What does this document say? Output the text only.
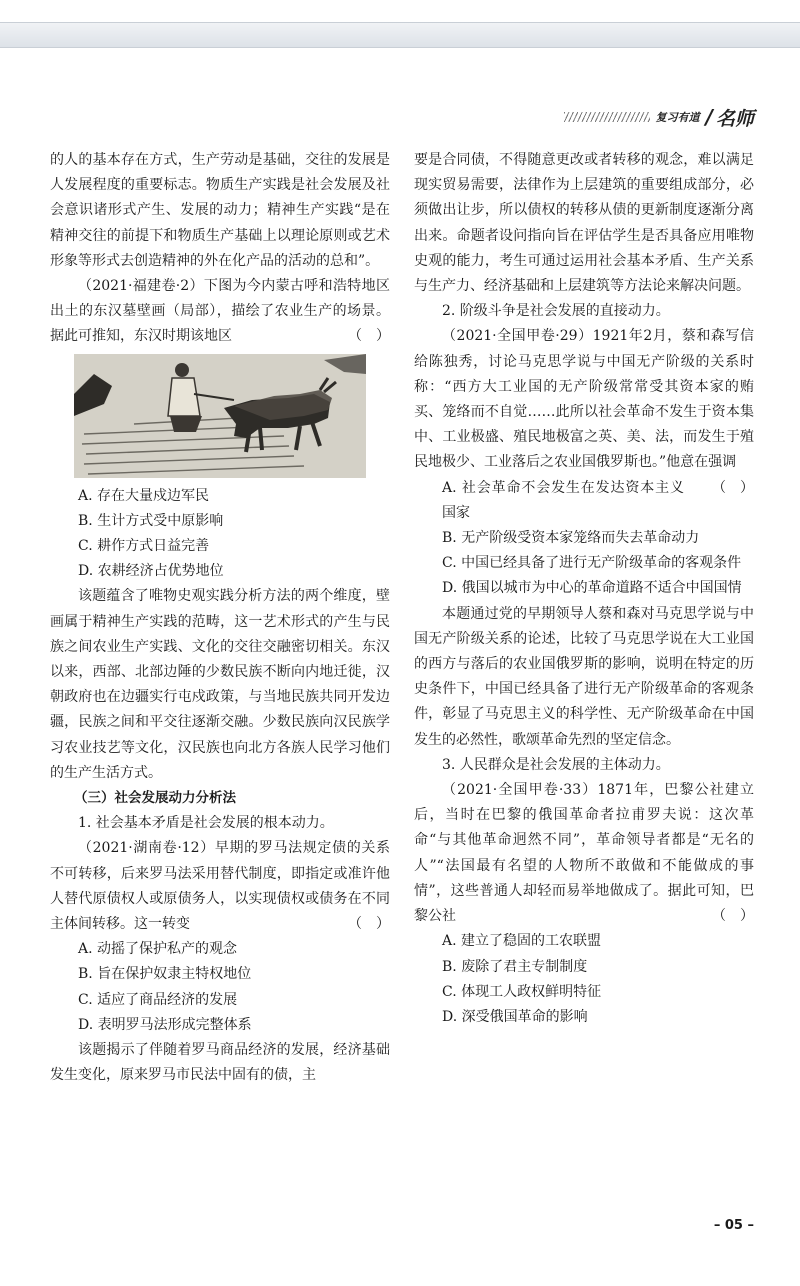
复习有道 / 名师

的人的基本存在方式，生产劳动是基础，交往的发展是人发展程度的重要标志。物质生产实践是社会发展及社会意识诸形式产生、发展的动力；精神生产实践“是在精神交往的前提下和物质生产基础上以理论原则或艺术形象等形式去创造精神的外在化产品的活动的总和”。

（2021·福建卷·2）下图为今内蒙古呼和浩特地区出土的东汉墓壁画（局部），描绘了农业生产的场景。据此可推知，东汉时期该地区	（　）

A. 存在大量戍边军民

B. 生计方式受中原影响

C. 耕作方式日益完善

D. 农耕经济占优势地位

该题蕴含了唯物史观实践分析方法的两个维度，壁画属于精神生产实践的范畴，这一艺术形式的产生与民族之间农业生产实践、文化的交往交融密切相关。东汉以来，西部、北部边陲的少数民族不断向内地迁徙，汉朝政府也在边疆实行屯戍政策，与当地民族共同开发边疆，民族之间和平交往逐渐交融。少数民族向汉民族学习农业技艺等文化，汉民族也向北方各族人民学习他们的生产生活方式。

（三）社会发展动力分析法

1. 社会基本矛盾是社会发展的根本动力。

（2021·湖南卷·12）早期的罗马法规定债的关系不可转移，后来罗马法采用替代制度，即指定或准许他人替代原债权人或原债务人，以实现债权或债务在不同主体间转移。这一转变	（　）

A. 动摇了保护私产的观念

B. 旨在保护奴隶主特权地位

C. 适应了商品经济的发展

D. 表明罗马法形成完整体系

该题揭示了伴随着罗马商品经济的发展，经济基础发生变化，原来罗马市民法中固有的债，主

要是合同债，不得随意更改或者转移的观念，难以满足现实贸易需要，法律作为上层建筑的重要组成部分，必须做出让步，所以债权的转移从债的更新制度逐渐分离出来。命题者设问指向旨在评估学生是否具备应用唯物史观的能力，考生可通过运用社会基本矛盾、生产关系与生产力、经济基础和上层建筑等方法论来解决问题。

2. 阶级斗争是社会发展的直接动力。

（2021·全国甲卷·29）1921年2月，蔡和森写信给陈独秀，讨论马克思学说与中国无产阶级的关系时称：“西方大工业国的无产阶级常常受其资本家的贿买、笼络而不自觉……此所以社会革命不发生于资本集中、工业极盛、殖民地极富之英、美、法，而发生于殖民地极少、工业落后之农业国俄罗斯也。”他意在强调
（　）

A. 社会革命不会发生在发达资本主义国家

B. 无产阶级受资本家笼络而失去革命动力

C. 中国已经具备了进行无产阶级革命的客观条件

D. 俄国以城市为中心的革命道路不适合中国国情

本题通过党的早期领导人蔡和森对马克思学说与中国无产阶级关系的论述，比较了马克思学说在大工业国的西方与落后的农业国俄罗斯的影响，说明在特定的历史条件下，中国已经具备了进行无产阶级革命的客观条件，彰显了马克思主义的科学性、无产阶级革命在中国发生的必然性，歌颂革命先烈的坚定信念。

3. 人民群众是社会发展的主体动力。

（2021·全国甲卷·33）1871年，巴黎公社建立后，当时在巴黎的俄国革命者拉甫罗夫说：这次革命“与其他革命迥然不同”，革命领导者都是“无名的人”“法国最有名望的人物所不敢做和不能做成的事情”，这些普通人却轻而易举地做成了。据此可知，巴黎公社	（　）

A. 建立了稳固的工农联盟

B. 废除了君主专制制度

C. 体现工人政权鲜明特征

D. 深受俄国革命的影响

– 05 –
